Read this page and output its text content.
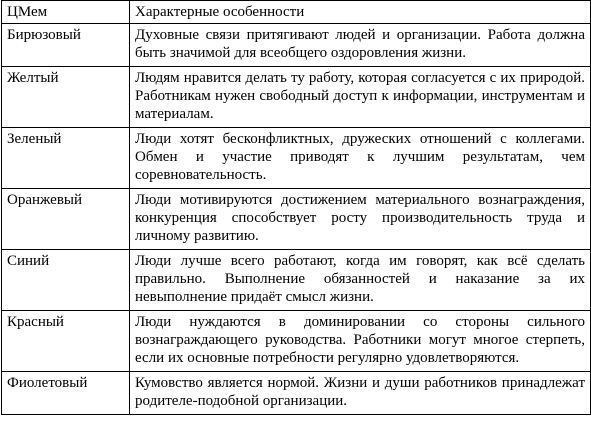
ЦМем	Характерные особенности
Бирюзовый	Духовные связи притягивают людей и организации. Работа должна быть значимой для всеобщего оздоровления жизни.
Желтый	Людям нравится делать ту работу, которая согласуется с их природой. Работникам нужен свободный доступ к информации, инструментам и материалам.
Зеленый	Люди хотят бесконфликтных, дружеских отношений с коллегами. Обмен и участие приводят к лучшим результатам, чем соревновательность.
Оранжевый	Люди мотивируются достижением материального вознаграждения, конкуренция способствует росту производительность труда и личному развитию.
Синий	Люди лучше всего работают, когда им говорят, как всё сделать правильно. Выполнение обязанностей и наказание за их невыполнение придаёт смысл жизни.
Красный	Люди нуждаются в доминировании со стороны сильного вознаграждающего руководства. Работники могут многое стерпеть, если их основные потребности регулярно удовлетворяются.
Фиолетовый	Кумовство является нормой. Жизни и души работников принадлежат родителе-подобной организации.
